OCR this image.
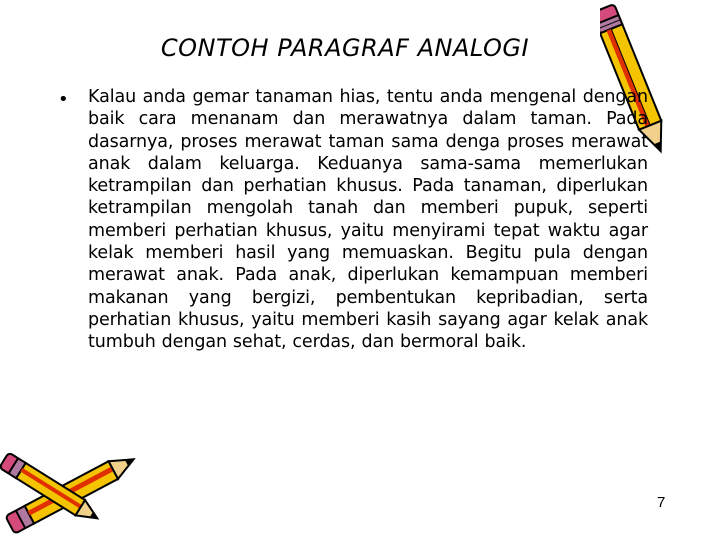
CONTOH PARAGRAF ANALOGI
• Kalau anda gemar tanaman hias, tentu anda mengenal dengan baik cara menanam dan merawatnya dalam taman. Pada dasarnya, proses merawat taman sama denga proses merawat anak dalam keluarga. Keduanya sama-sama memerlukan ketrampilan dan perhatian khusus. Pada tanaman, diperlukan ketrampilan mengolah tanah dan memberi pupuk, seperti memberi perhatian khusus, yaitu menyirami tepat waktu agar kelak memberi hasil yang memuaskan. Begitu pula dengan merawat anak. Pada anak, diperlukan kemampuan memberi makanan yang bergizi, pembentukan kepribadian, serta perhatian khusus, yaitu memberi kasih sayang agar kelak anak tumbuh dengan sehat, cerdas, dan bermoral baik.

7
